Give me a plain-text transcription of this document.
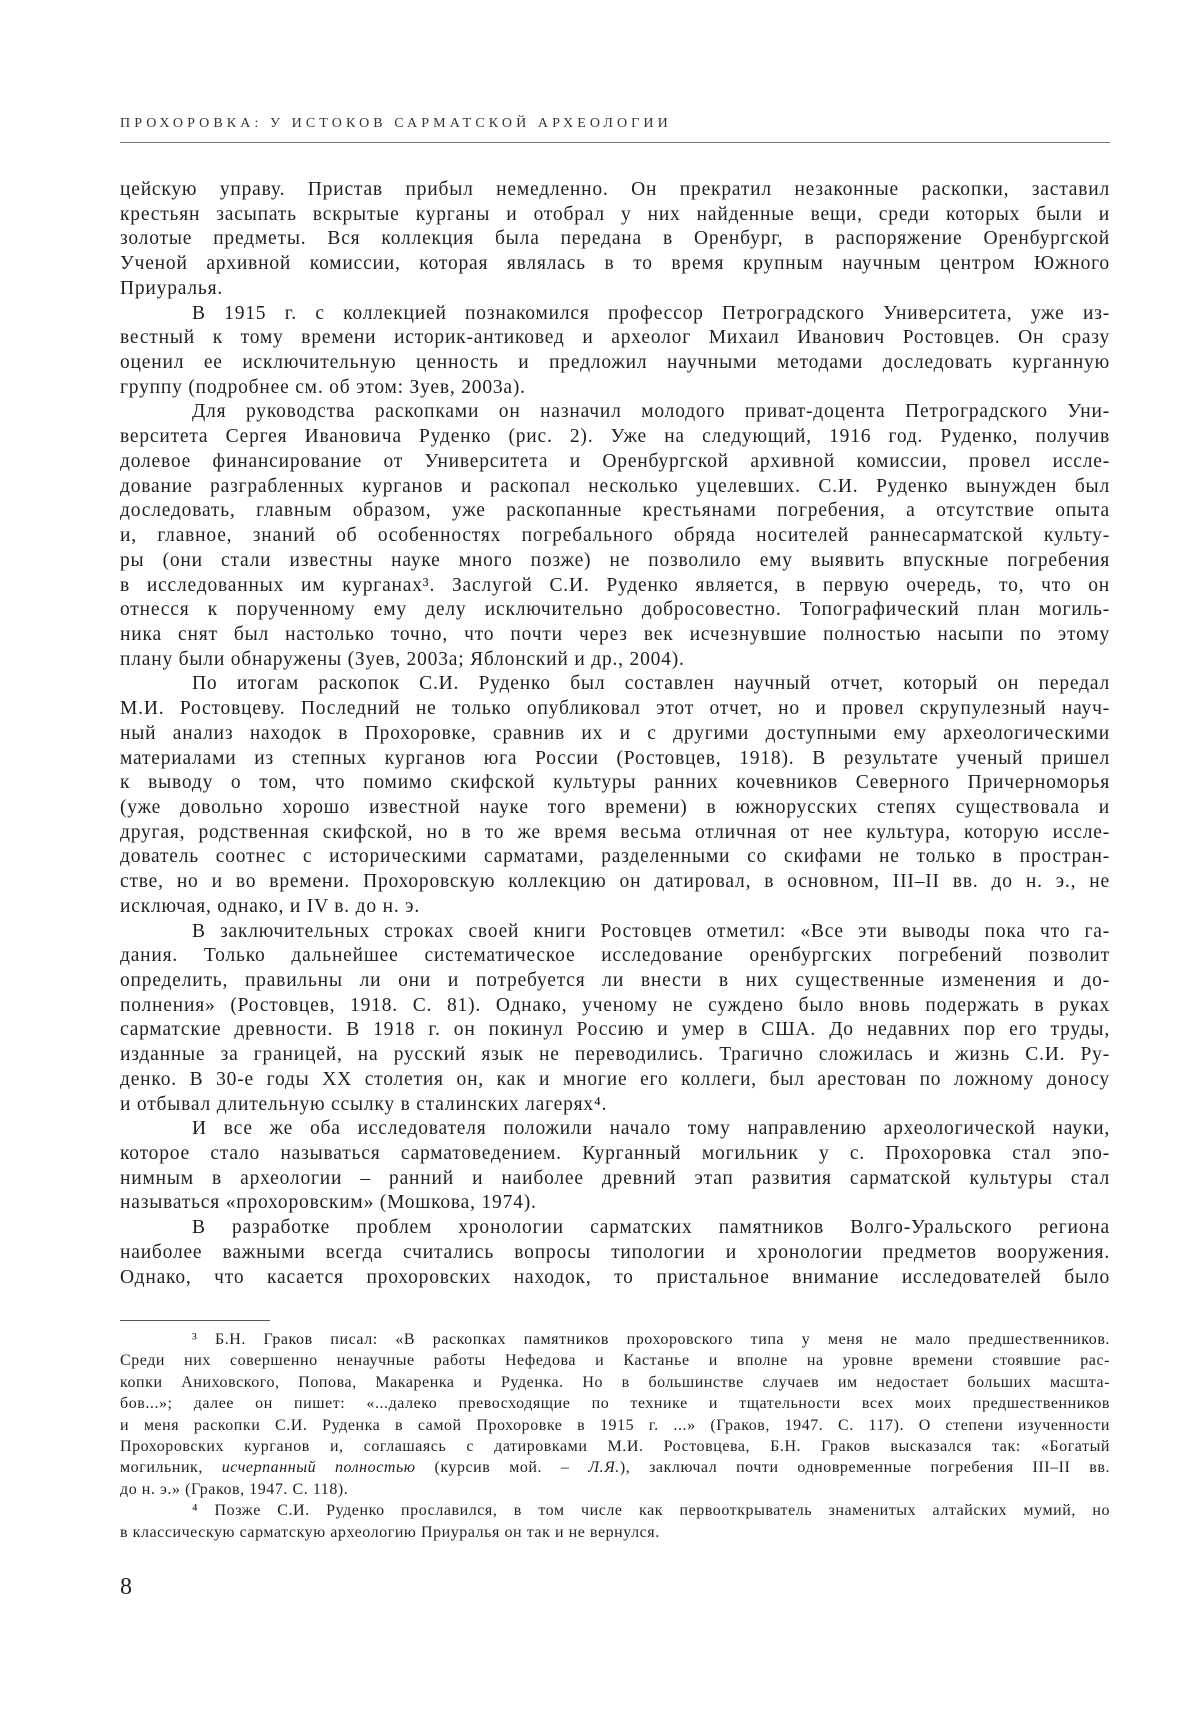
ПРОХОРОВКА: У ИСТОКОВ САРМАТСКОЙ АРХЕОЛОГИИ
цейскую управу. Пристав прибыл немедленно. Он прекратил незаконные раскопки, заставил
крестьян засыпать вскрытые курганы и отобрал у них найденные вещи, среди которых были и
золотые предметы. Вся коллекция была передана в Оренбург, в распоряжение Оренбургской
Ученой архивной комиссии, которая являлась в то время крупным научным центром Южного
Приуралья.
В 1915 г. с коллекцией познакомился профессор Петроградского Университета, уже из-
вестный к тому времени историк-антиковед и археолог Михаил Иванович Ростовцев. Он сразу
оценил ее исключительную ценность и предложил научными методами доследовать курганную
группу (подробнее см. об этом: Зуев, 2003а).
Для руководства раскопками он назначил молодого приват-доцента Петроградского Уни-
верситета Сергея Ивановича Руденко (рис. 2). Уже на следующий, 1916 год. Руденко, получив
долевое финансирование от Университета и Оренбургской архивной комиссии, провел иссле-
дование разграбленных курганов и раскопал несколько уцелевших. С.И. Руденко вынужден был
доследовать, главным образом, уже раскопанные крестьянами погребения, а отсутствие опыта
и, главное, знаний об особенностях погребального обряда носителей раннесарматской культу-
ры (они стали известны науке много позже) не позволило ему выявить впускные погребения
в исследованных им курганах³. Заслугой С.И. Руденко является, в первую очередь, то, что он
отнесся к порученному ему делу исключительно добросовестно. Топографический план могиль-
ника снят был настолько точно, что почти через век исчезнувшие полностью насыпи по этому
плану были обнаружены (Зуев, 2003а; Яблонский и др., 2004).
По итогам раскопок С.И. Руденко был составлен научный отчет, который он передал
М.И. Ростовцеву. Последний не только опубликовал этот отчет, но и провел скрупулезный науч-
ный анализ находок в Прохоровке, сравнив их и с другими доступными ему археологическими
материалами из степных курганов юга России (Ростовцев, 1918). В результате ученый пришел
к выводу о том, что помимо скифской культуры ранних кочевников Северного Причерноморья
(уже довольно хорошо известной науке того времени) в южнорусских степях существовала и
другая, родственная скифской, но в то же время весьма отличная от нее культура, которую иссле-
дователь соотнес с историческими сарматами, разделенными со скифами не только в простран-
стве, но и во времени. Прохоровскую коллекцию он датировал, в основном, III–II вв. до н. э., не
исключая, однако, и IV в. до н. э.
В заключительных строках своей книги Ростовцев отметил: «Все эти выводы пока что га-
дания. Только дальнейшее систематическое исследование оренбургских погребений позволит
определить, правильны ли они и потребуется ли внести в них существенные изменения и до-
полнения» (Ростовцев, 1918. С. 81). Однако, ученому не суждено было вновь подержать в руках
сарматские древности. В 1918 г. он покинул Россию и умер в США. До недавних пор его труды,
изданные за границей, на русский язык не переводились. Трагично сложилась и жизнь С.И. Ру-
денко. В 30-е годы XX столетия он, как и многие его коллеги, был арестован по ложному доносу
и отбывал длительную ссылку в сталинских лагерях⁴.
И все же оба исследователя положили начало тому направлению археологической науки,
которое стало называться сарматоведением. Курганный могильник у с. Прохоровка стал эпо-
нимным в археологии – ранний и наиболее древний этап развития сарматской культуры стал
называться «прохоровским» (Мошкова, 1974).
В разработке проблем хронологии сарматских памятников Волго-Уральского региона
наиболее важными всегда считались вопросы типологии и хронологии предметов вооружения.
Однако, что касается прохоровских находок, то пристальное внимание исследователей было
³ Б.Н. Граков писал: «В раскопках памятников прохоровского типа у меня не мало предшественников.
Среди них совершенно ненаучные работы Нефедова и Кастанье и вполне на уровне времени стоявшие рас-
копки Аниховского, Попова, Макаренка и Руденка. Но в большинстве случаев им недостает больших масшта-
бов...»; далее он пишет: «...далеко превосходящие по технике и тщательности всех моих предшественников
и меня раскопки С.И. Руденка в самой Прохоровке в 1915 г. ...» (Граков, 1947. С. 117). О степени изученности
Прохоровских курганов и, соглашаясь с датировками М.И. Ростовцева, Б.Н. Граков высказался так: «Богатый
могильник, исчерпанный полностью (курсив мой. – Л.Я.), заключал почти одновременные погребения III–II вв.
до н. э.» (Граков, 1947. С. 118).
⁴ Позже С.И. Руденко прославился, в том числе как первооткрыватель знаменитых алтайских мумий, но
в классическую сарматскую археологию Приуралья он так и не вернулся.
8
